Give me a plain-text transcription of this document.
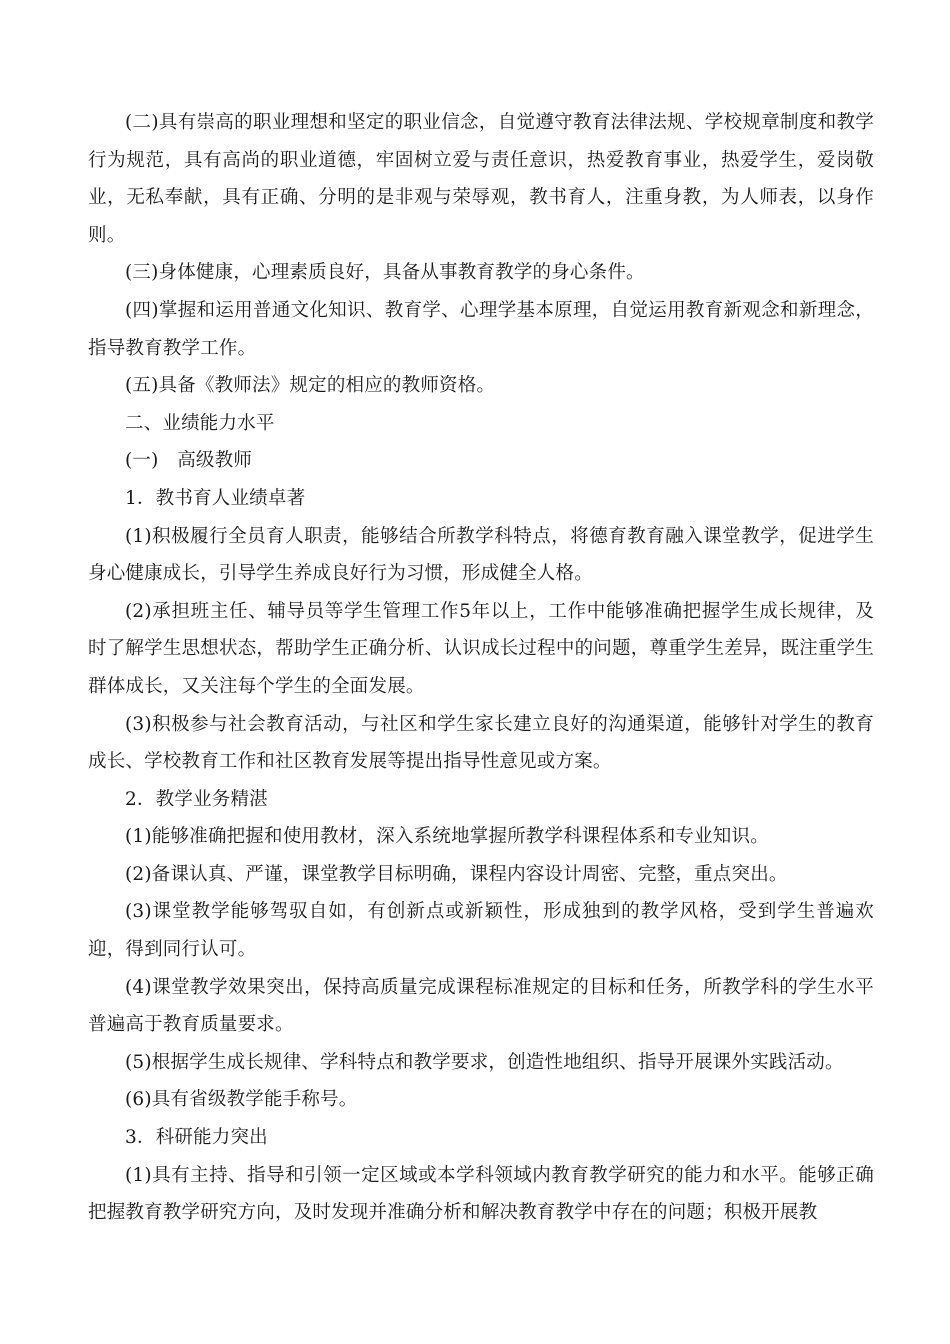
(二)具有崇高的职业理想和坚定的职业信念，自觉遵守教育法律法规、学校规章制度和教学行为规范，具有高尚的职业道德，牢固树立爱与责任意识，热爱教育事业，热爱学生，爱岗敬业，无私奉献，具有正确、分明的是非观与荣辱观，教书育人，注重身教，为人师表，以身作则。

(三)身体健康，心理素质良好，具备从事教育教学的身心条件。

(四)掌握和运用普通文化知识、教育学、心理学基本原理，自觉运用教育新观念和新理念，指导教育教学工作。

(五)具备《教师法》规定的相应的教师资格。

二、业绩能力水平

(一)　高级教师

1．教书育人业绩卓著

(1)积极履行全员育人职责，能够结合所教学科特点，将德育教育融入课堂教学，促进学生身心健康成长，引导学生养成良好行为习惯，形成健全人格。

(2)承担班主任、辅导员等学生管理工作5年以上，工作中能够准确把握学生成长规律，及时了解学生思想状态，帮助学生正确分析、认识成长过程中的问题，尊重学生差异，既注重学生群体成长，又关注每个学生的全面发展。

(3)积极参与社会教育活动，与社区和学生家长建立良好的沟通渠道，能够针对学生的教育成长、学校教育工作和社区教育发展等提出指导性意见或方案。

2．教学业务精湛

(1)能够准确把握和使用教材，深入系统地掌握所教学科课程体系和专业知识。

(2)备课认真、严谨，课堂教学目标明确，课程内容设计周密、完整，重点突出。

(3)课堂教学能够驾驭自如，有创新点或新颖性，形成独到的教学风格，受到学生普遍欢迎，得到同行认可。

(4)课堂教学效果突出，保持高质量完成课程标准规定的目标和任务，所教学科的学生水平普遍高于教育质量要求。

(5)根据学生成长规律、学科特点和教学要求，创造性地组织、指导开展课外实践活动。

(6)具有省级教学能手称号。

3．科研能力突出

(1)具有主持、指导和引领一定区域或本学科领域内教育教学研究的能力和水平。能够正确把握教育教学研究方向，及时发现并准确分析和解决教育教学中存在的问题；积极开展教
